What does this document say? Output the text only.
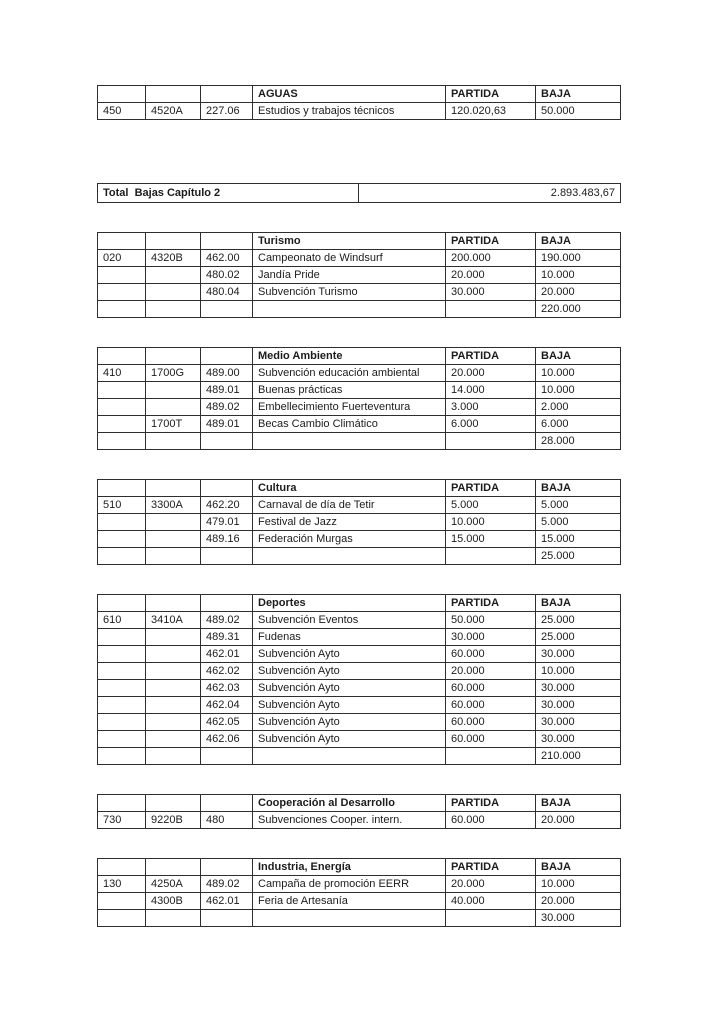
			AGUAS	PARTIDA	BAJA
450	4520A	227.06	Estudios y trabajos técnicos	120.020,63	50.000
Total  Bajas Capítulo 2	2.893.483,67
			Turismo	PARTIDA	BAJA
020	4320B	462.00	Campeonato de Windsurf	200.000	190.000
		480.02	Jandía Pride	20.000	10.000
		480.04	Subvención Turismo	30.000	20.000
					220.000
			Medio Ambiente	PARTIDA	BAJA
410	1700G	489.00	Subvención educación ambiental	20.000	10.000
		489.01	Buenas prácticas	14.000	10.000
		489.02	Embellecimiento Fuerteventura	3.000	2.000
	1700T	489.01	Becas Cambio Climático	6.000	6.000
					28.000
			Cultura	PARTIDA	BAJA
510	3300A	462.20	Carnaval de día de Tetir	5.000	5.000
		479.01	Festival de Jazz	10.000	5.000
		489.16	Federación Murgas	15.000	15.000
					25.000
			Deportes	PARTIDA	BAJA
610	3410A	489.02	Subvención Eventos	50.000	25.000
		489.31	Fudenas	30.000	25.000
		462.01	Subvención Ayto	60.000	30.000
		462.02	Subvención Ayto	20.000	10.000
		462.03	Subvención Ayto	60.000	30.000
		462.04	Subvención Ayto	60.000	30.000
		462.05	Subvención Ayto	60.000	30.000
		462.06	Subvención Ayto	60.000	30.000
					210.000
			Cooperación al Desarrollo	PARTIDA	BAJA
730	9220B	480	Subvenciones Cooper. intern.	60.000	20.000
			Industria, Energía	PARTIDA	BAJA
130	4250A	489.02	Campaña de promoción EERR	20.000	10.000
	4300B	462.01	Feria de Artesanía	40.000	20.000
					30.000
